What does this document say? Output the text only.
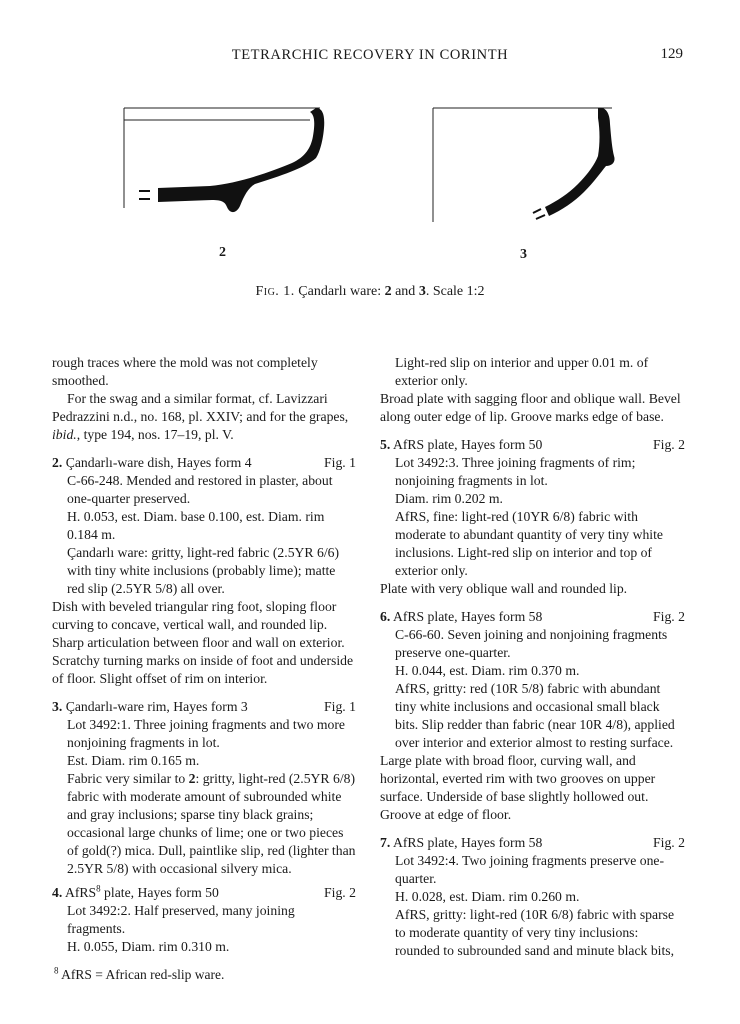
TETRARCHIC RECOVERY IN CORINTH	129
2	3
Fig. 1. Çandarlı ware: 2 and 3. Scale 1:2

rough traces where the mold was not completely smoothed.

For the swag and a similar format, cf. Lavizzari Pedrazzini n.d., no. 168, pl. XXIV; and for the grapes, ibid., type 194, nos. 17–19, pl. V.

2. Çandarlı-ware dish, Hayes form 4	Fig. 1

C-66-248. Mended and restored in plaster, about one-quarter preserved.

H. 0.053, est. Diam. base 0.100, est. Diam. rim 0.184 m.

Çandarlı ware: gritty, light-red fabric (2.5YR 6/6) with tiny white inclusions (probably lime); matte red slip (2.5YR 5/8) all over.

Dish with beveled triangular ring foot, sloping floor curving to concave, vertical wall, and rounded lip. Sharp articulation between floor and wall on exterior. Scratchy turning marks on inside of foot and underside of floor. Slight offset of rim on interior.

3. Çandarlı-ware rim, Hayes form 3	Fig. 1

Lot 3492:1. Three joining fragments and two more nonjoining fragments in lot.

Est. Diam. rim 0.165 m.

Fabric very similar to 2: gritty, light-red (2.5YR 6/8) fabric with moderate amount of subrounded white and gray inclusions; sparse tiny black grains; occasional large chunks of lime; one or two pieces of gold(?) mica. Dull, paintlike slip, red (lighter than 2.5YR 5/8) with occasional silvery mica.

4. AfRS$^8$ plate, Hayes form 50	Fig. 2

Lot 3492:2. Half preserved, many joining fragments.

H. 0.055, Diam. rim 0.310 m.

$^8$ AfRS = African red-slip ware.

Light-red slip on interior and upper 0.01 m. of exterior only.

Broad plate with sagging floor and oblique wall. Bevel along outer edge of lip. Groove marks edge of base.

5. AfRS plate, Hayes form 50	Fig. 2

Lot 3492:3. Three joining fragments of rim; nonjoining fragments in lot.

Diam. rim 0.202 m.

AfRS, fine: light-red (10YR 6/8) fabric with moderate to abundant quantity of very tiny white inclusions. Light-red slip on interior and top of exterior only.

Plate with very oblique wall and rounded lip.

6. AfRS plate, Hayes form 58	Fig. 2

C-66-60. Seven joining and nonjoining fragments preserve one-quarter.

H. 0.044, est. Diam. rim 0.370 m.

AfRS, gritty: red (10R 5/8) fabric with abundant tiny white inclusions and occasional small black bits. Slip redder than fabric (near 10R 4/8), applied over interior and exterior almost to resting surface.

Large plate with broad floor, curving wall, and horizontal, everted rim with two grooves on upper surface. Underside of base slightly hollowed out. Groove at edge of floor.

7. AfRS plate, Hayes form 58	Fig. 2

Lot 3492:4. Two joining fragments preserve one-quarter.

H. 0.028, est. Diam. rim 0.260 m.

AfRS, gritty: light-red (10R 6/8) fabric with sparse to moderate quantity of very tiny inclusions: rounded to subrounded sand and minute black bits,
